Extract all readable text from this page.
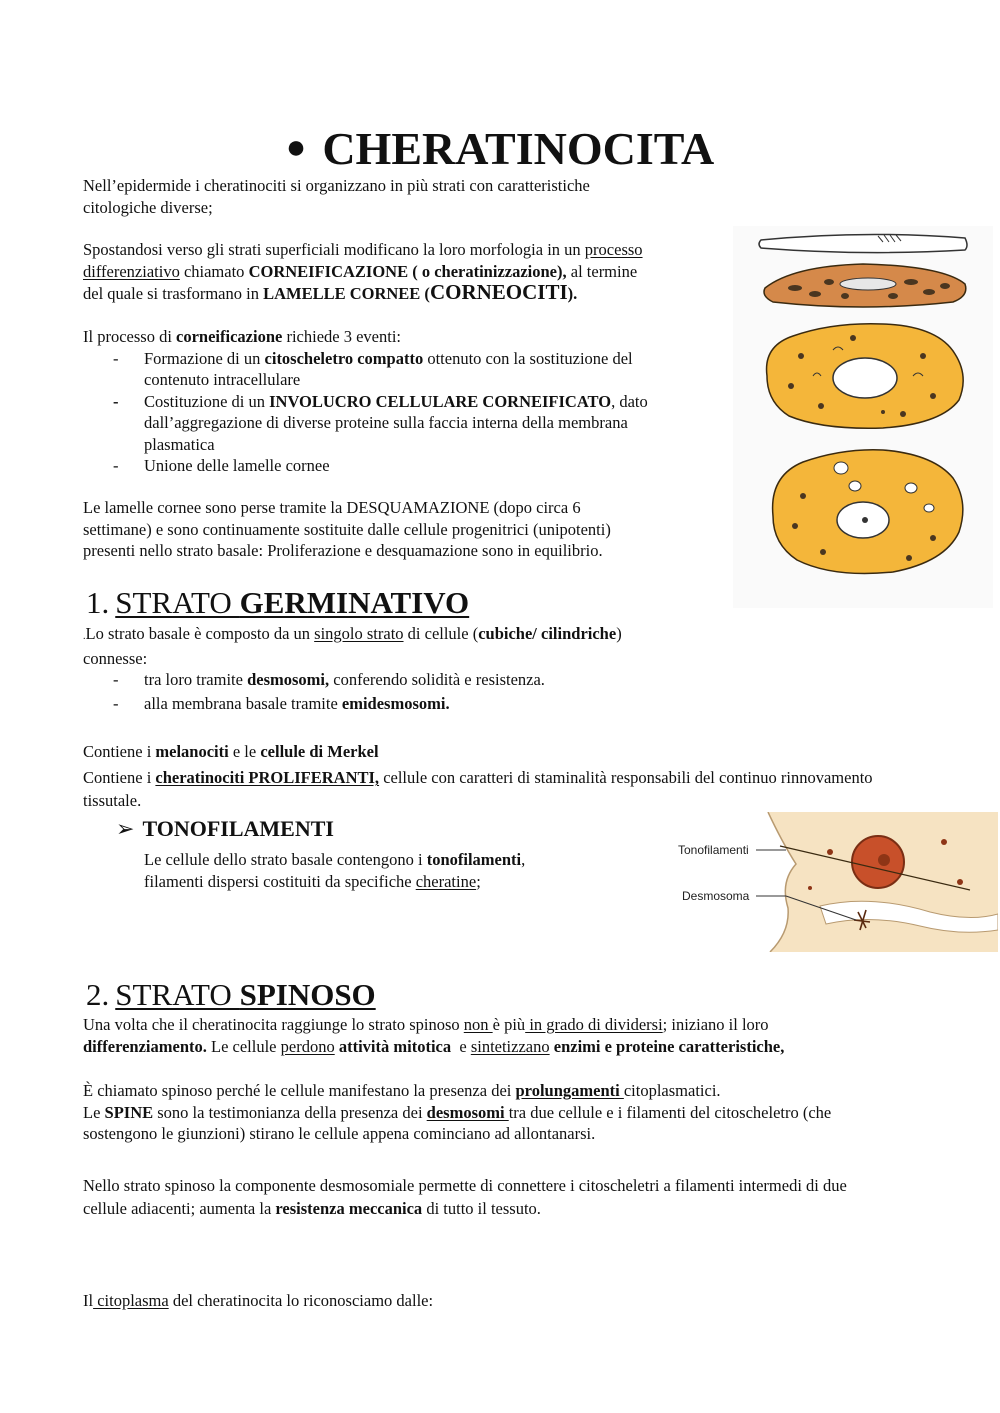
● CHERATINOCITA
Nell’epidermide i cheratinociti si organizzano in più strati con caratteristiche
citologiche diverse;
Spostandosi verso gli strati superficiali modificano la loro morfologia in un processo
differenziativo chiamato CORNEIFICAZIONE ( o cheratinizzazione), al termine
del quale si trasformano in LAMELLE CORNEE (CORNEOCITI).
Il processo di corneificazione richiede 3 eventi:
- Formazione di un citoscheletro compatto ottenuto con la sostituzione del
contenuto intracellulare
- Costituzione di un INVOLUCRO CELLULARE CORNEIFICATO, dato
dall’aggregazione di diverse proteine sulla faccia interna della membrana
plasmatica
- Unione delle lamelle cornee
Le lamelle cornee sono perse tramite la DESQUAMAZIONE (dopo circa 6
settimane) e sono continuamente sostituite dalle cellule progenitrici (unipotenti)
presenti nello strato basale: Proliferazione e desquamazione sono in equilibrio.
1. STRATO GERMINATIVO
.Lo strato basale è composto da un singolo strato di cellule (cubiche/ cilindriche)
connesse:
- tra loro tramite desmosomi, conferendo solidità e resistenza.
- alla membrana basale tramite emidesmosomi.
Contiene i melanociti e le cellule di Merkel
Contiene i cheratinociti PROLIFERANTI, cellule con caratteri di staminalità responsabili del continuo rinnovamento
tissutale.
➢ TONOFILAMENTI
Le cellule dello strato basale contengono i tonofilamenti,
filamenti dispersi costituiti da specifiche cheratine;
Tonofilamenti
Desmosoma
2. STRATO SPINOSO
Una volta che il cheratinocita raggiunge lo strato spinoso non è più in grado di dividersi; iniziano il loro
differenziamento. Le cellule perdono attività mitotica  e sintetizzano enzimi e proteine caratteristiche,
È chiamato spinoso perché le cellule manifestano la presenza dei prolungamenti citoplasmatici.
Le SPINE sono la testimonianza della presenza dei desmosomi tra due cellule e i filamenti del citoscheletro (che
sostengono le giunzioni) stirano le cellule appena cominciano ad allontanarsi.
Nello strato spinoso la componente desmosomiale permette di connettere i citoscheletri a filamenti intermedi di due
cellule adiacenti; aumenta la resistenza meccanica di tutto il tessuto.
Il citoplasma del cheratinocita lo riconosciamo dalle:
